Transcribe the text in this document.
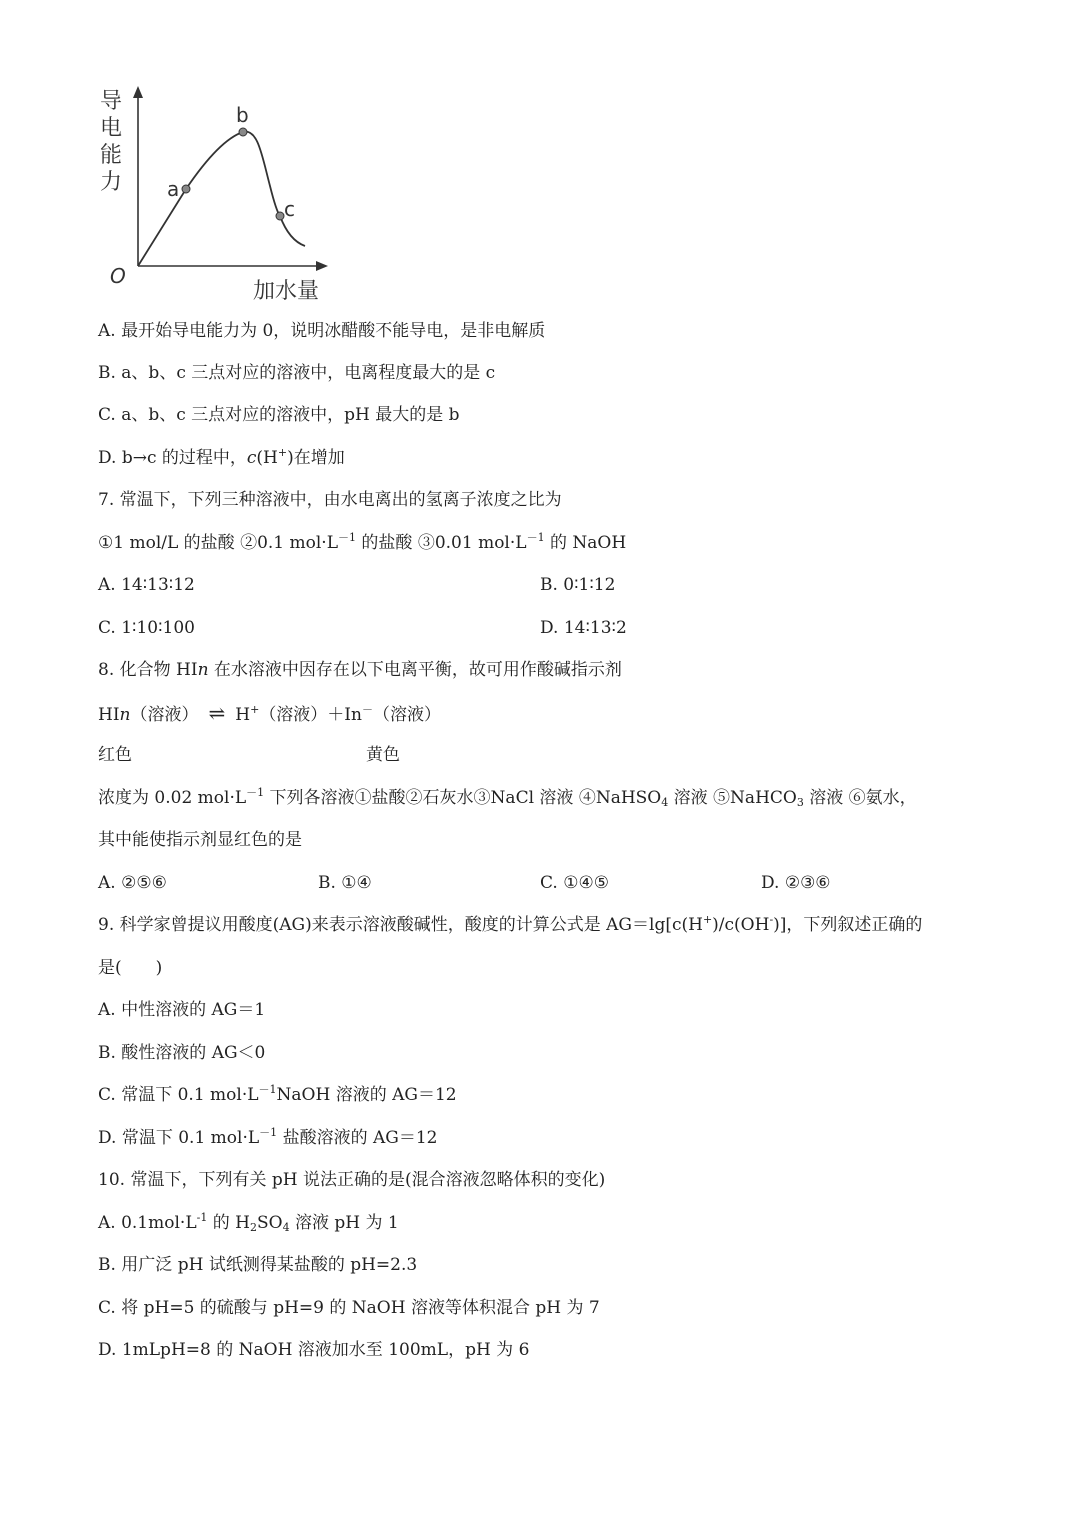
导
电
能
力
O
加水量
a
b
c
A. 最开始导电能力为 0，说明冰醋酸不能导电，是非电解质
B. a、b、c 三点对应的溶液中，电离程度最大的是 c
C. a、b、c 三点对应的溶液中，pH 最大的是 b
D. b→c 的过程中，c(H+)在增加
7. 常温下，下列三种溶液中，由水电离出的氢离子浓度之比为
①1 mol/L 的盐酸 ②0.1 $mol\cdot L^{-1}$ 的盐酸 ③0.01 $mol\cdot L^{-1}$ 的 NaOH
A. 14∶13∶12	B. 0∶1∶12
C. 1∶10∶100	D. 14∶13∶2
8. 化合物 HIn 在水溶液中因存在以下电离平衡，故可用作酸碱指示剂
HIn（溶液） ⇌ H+（溶液）＋In－（溶液）
红色	黄色
浓度为 0.02 $mol\cdot L^{-1}$ 下列各溶液①盐酸②石灰水③NaCl 溶液 ④NaHSO$_4$ 溶液 ⑤NaHCO$_3$ 溶液 ⑥氨水，
其中能使指示剂显红色的是
A. ②⑤⑥	B. ①④	C. ①④⑤	D. ②③⑥
9. 科学家曾提议用酸度(AG)来表示溶液酸碱性，酸度的计算公式是 AG＝lg[c(H+)/c(OH-)]，下列叙述正确的
是(　　)
A. 中性溶液的 AG＝1
B. 酸性溶液的 AG＜0
C. 常温下 0.1 $mol\cdot L^{-1}NaOH$ 溶液的 AG＝12
D. 常温下 0.1 $mol\cdot L^{-1}$ 盐酸溶液的 AG＝12
10. 常温下，下列有关 pH 说法正确的是(混合溶液忽略体积的变化)
A. $0.1mol\cdot L^{-1}$ 的 $H_2SO_4$ 溶液 pH 为 1
B. 用广泛 pH 试纸测得某盐酸的 pH=2.3
C. 将 pH=5 的硫酸与 pH=9 的 NaOH 溶液等体积混合 pH 为 7
D. 1mLpH=8 的 NaOH 溶液加水至 100mL，pH 为 6
